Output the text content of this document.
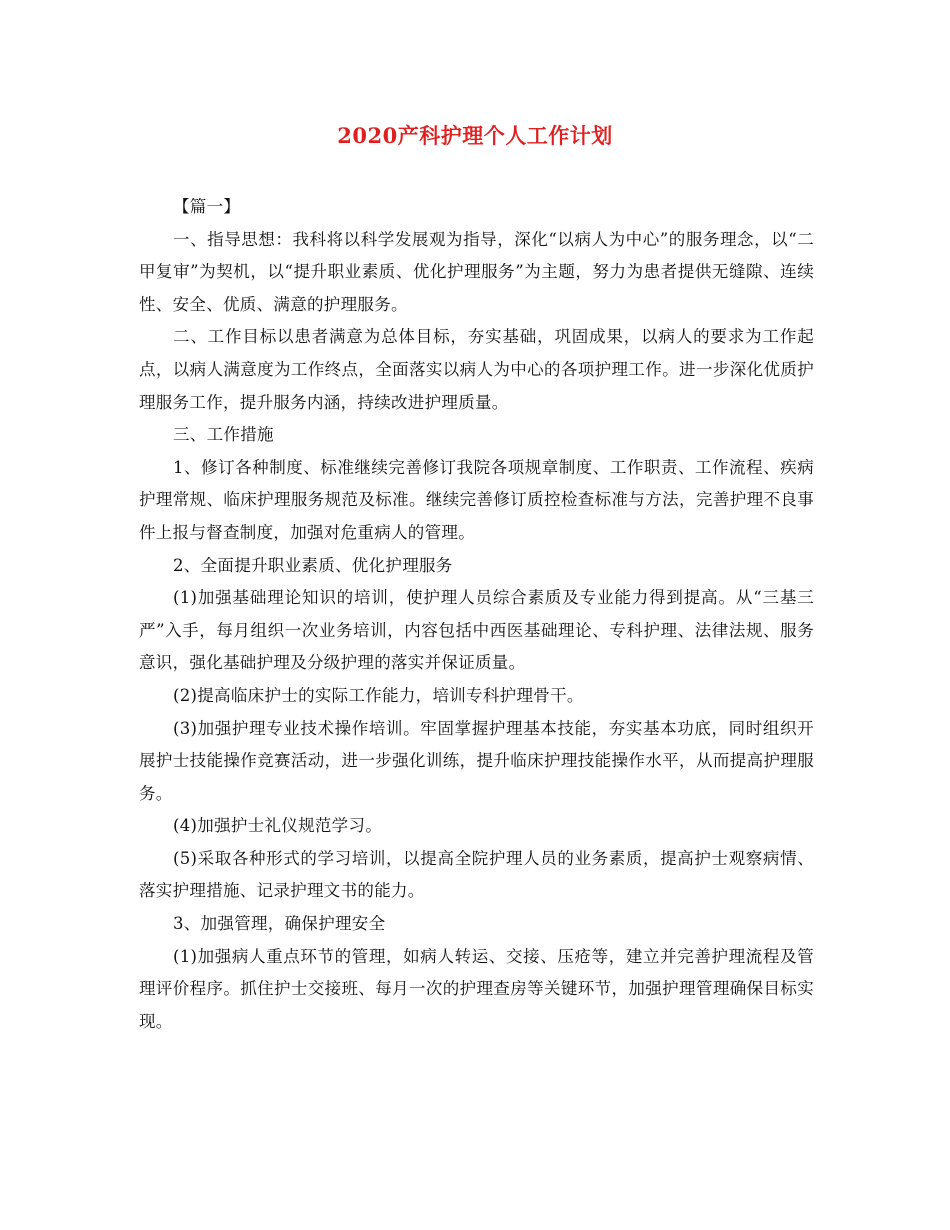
2020产科护理个人工作计划

【篇一】

一、指导思想：我科将以科学发展观为指导，深化“以病人为中心”的服务理念，以“二甲复审”为契机，以“提升职业素质、优化护理服务”为主题，努力为患者提供无缝隙、连续性、安全、优质、满意的护理服务。

二、工作目标以患者满意为总体目标，夯实基础，巩固成果，以病人的要求为工作起点，以病人满意度为工作终点，全面落实以病人为中心的各项护理工作。进一步深化优质护理服务工作，提升服务内涵，持续改进护理质量。

三、工作措施

1、修订各种制度、标准继续完善修订我院各项规章制度、工作职责、工作流程、疾病护理常规、临床护理服务规范及标准。继续完善修订质控检查标准与方法，完善护理不良事件上报与督查制度，加强对危重病人的管理。

2、全面提升职业素质、优化护理服务

(1)加强基础理论知识的培训，使护理人员综合素质及专业能力得到提高。从“三基三严”入手，每月组织一次业务培训，内容包括中西医基础理论、专科护理、法律法规、服务意识，强化基础护理及分级护理的落实并保证质量。

(2)提高临床护士的实际工作能力，培训专科护理骨干。

(3)加强护理专业技术操作培训。牢固掌握护理基本技能，夯实基本功底，同时组织开展护士技能操作竞赛活动，进一步强化训练，提升临床护理技能操作水平，从而提高护理服务。

(4)加强护士礼仪规范学习。

(5)采取各种形式的学习培训，以提高全院护理人员的业务素质，提高护士观察病情、落实护理措施、记录护理文书的能力。

3、加强管理，确保护理安全

(1)加强病人重点环节的管理，如病人转运、交接、压疮等，建立并完善护理流程及管理评价程序。抓住护士交接班、每月一次的护理查房等关键环节，加强护理管理确保目标实现。
